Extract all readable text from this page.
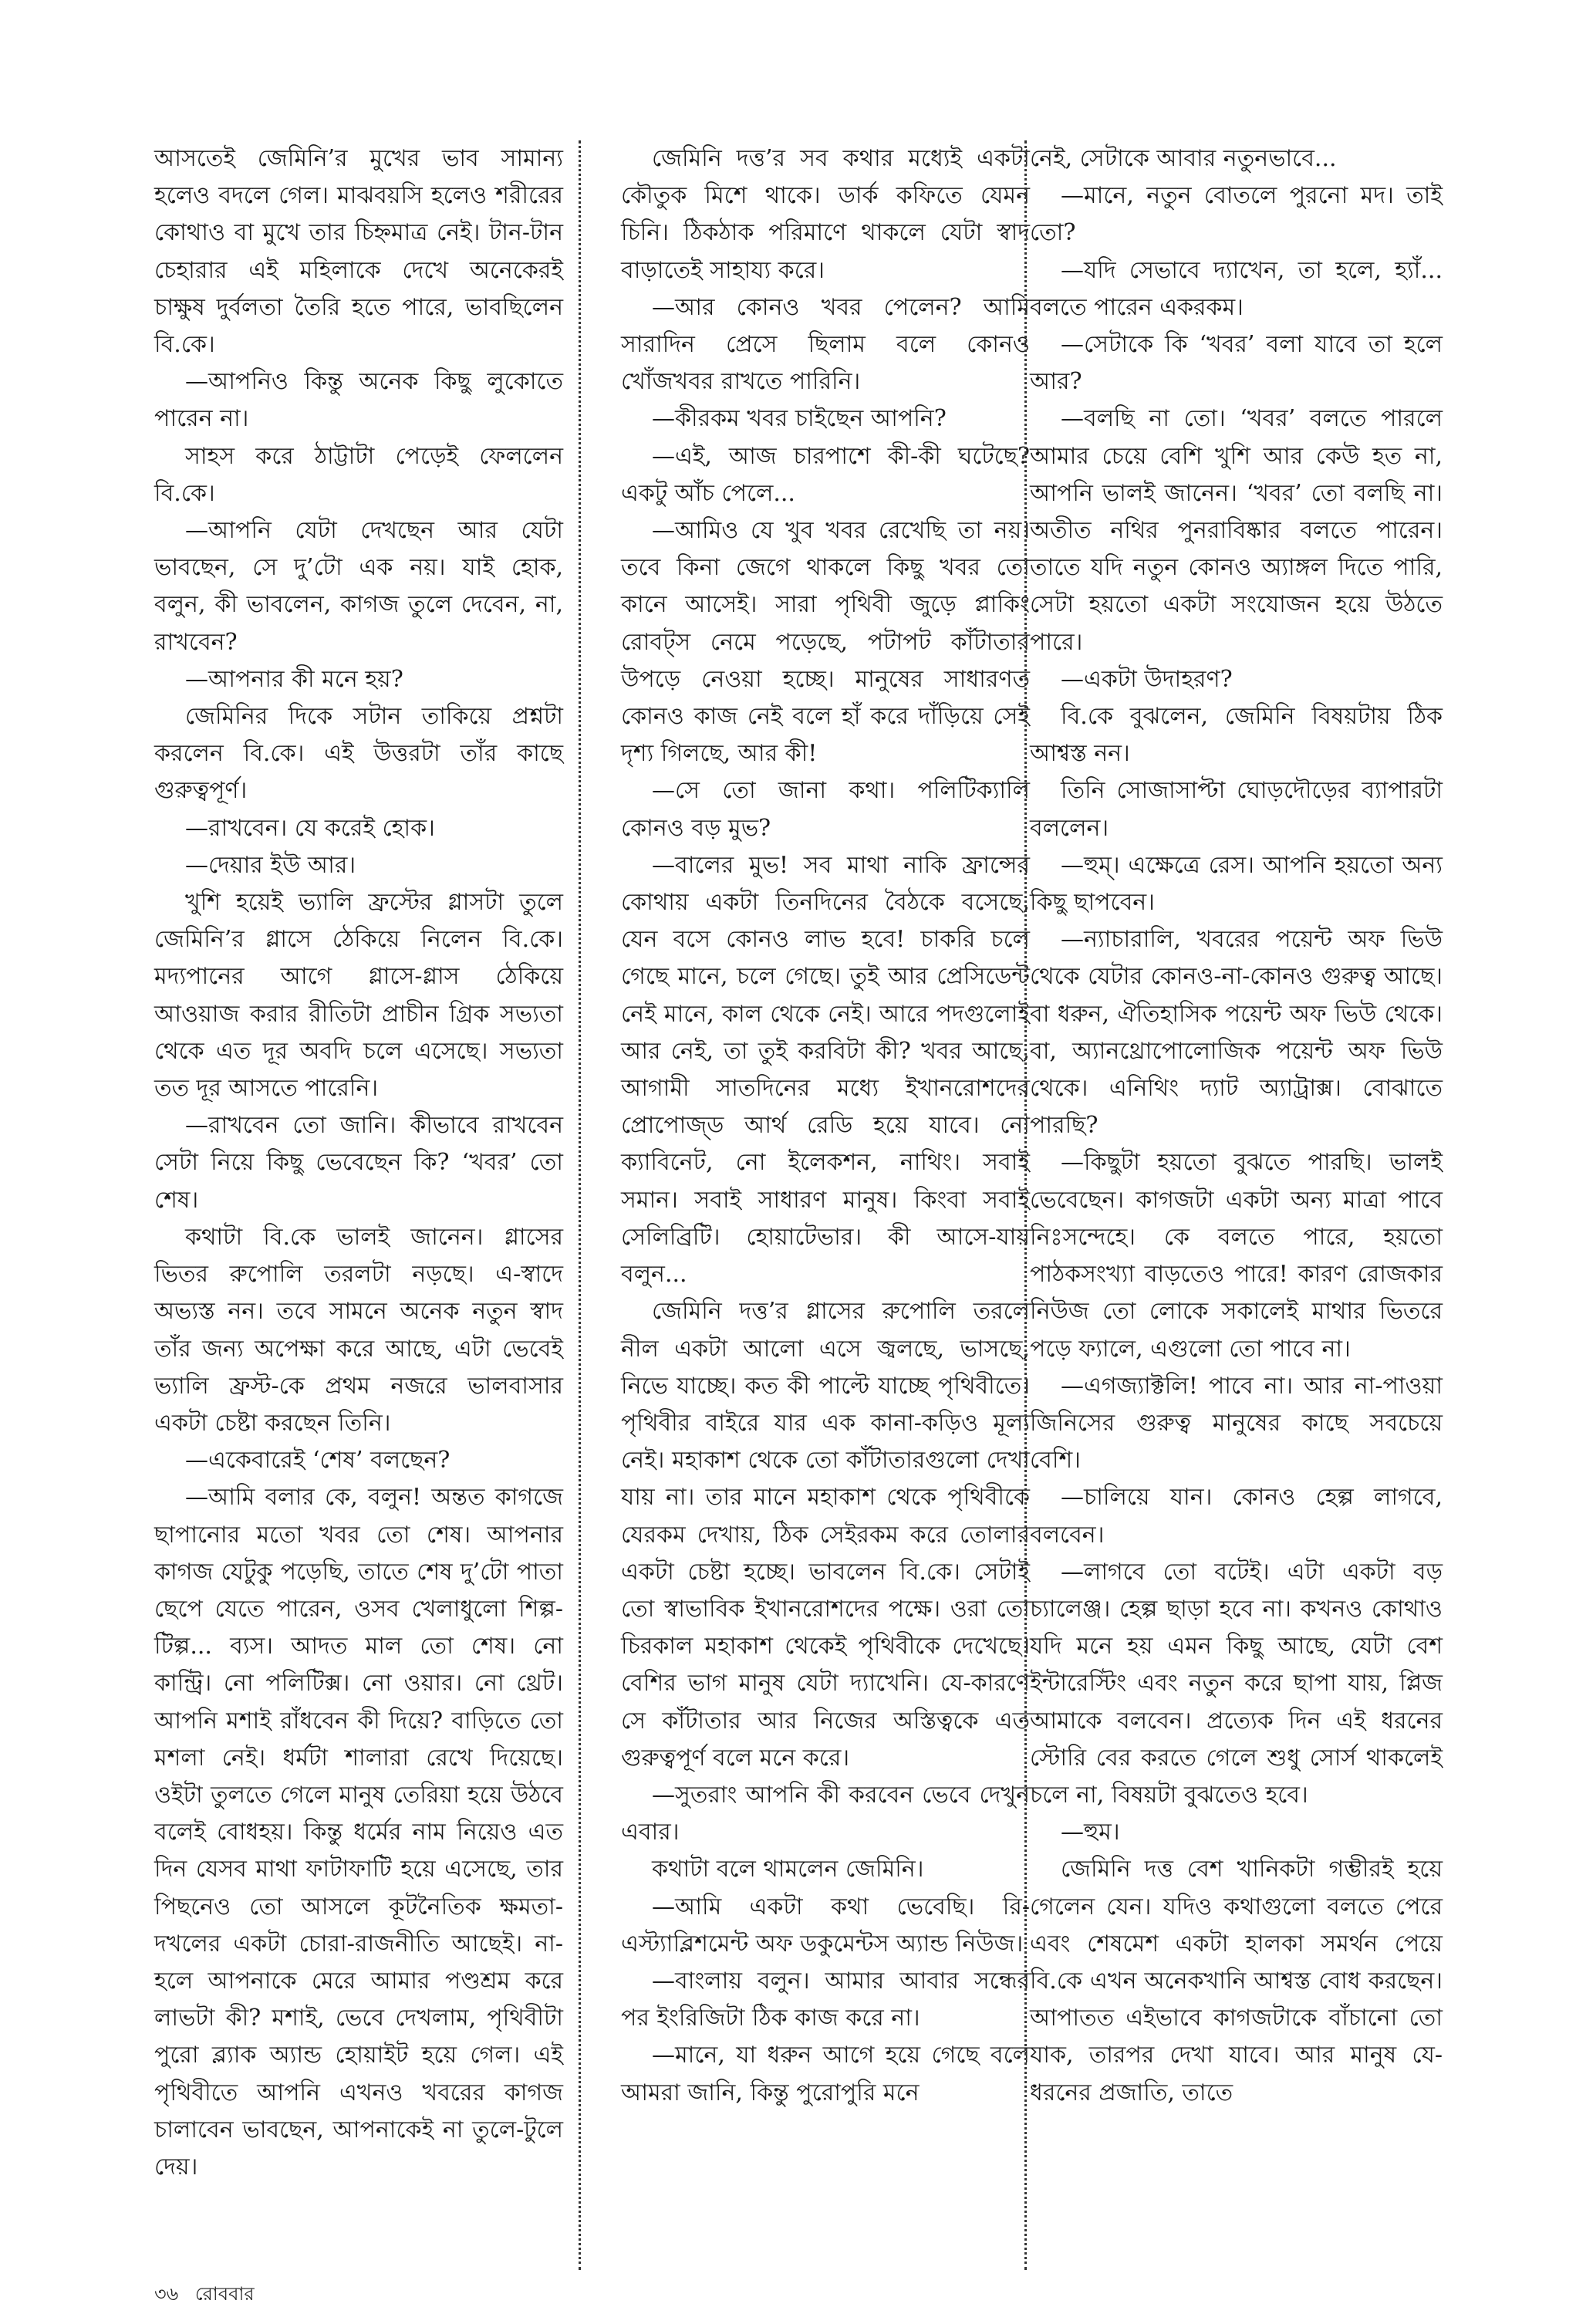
আসতেই জেমিনি’র মুখের ভাব সামান্য হলেও বদলে গেল। মাঝবয়সি হলেও শরীরের কোথাও বা মুখে তার চিহ্নমাত্র নেই। টান-টান চেহারার এই মহিলাকে দেখে অনেকেরই চাক্ষুষ দুর্বলতা তৈরি হতে পারে, ভাবছিলেন বি.কে।

—আপনিও কিন্তু অনেক কিছু লুকোতে পারেন না।

সাহস করে ঠাট্টাটা পেড়েই ফেললেন বি.কে।

—আপনি যেটা দেখছেন আর যেটা ভাবছেন, সে দু’টো এক নয়। যাই হোক, বলুন, কী ভাবলেন, কাগজ তুলে দেবেন, না, রাখবেন?

—আপনার কী মনে হয়?

জেমিনির দিকে সটান তাকিয়ে প্রশ্নটা করলেন বি.কে। এই উত্তরটা তাঁর কাছে গুরুত্বপূর্ণ।

—রাখবেন। যে করেই হোক।

—দেয়ার ইউ আর।

খুশি হয়েই ভ্যালি ফ্রস্টের গ্লাসটা তুলে জেমিনি’র গ্লাসে ঠেকিয়ে নিলেন বি.কে। মদ্যপানের আগে গ্লাসে-গ্লাস ঠেকিয়ে আওয়াজ করার রীতিটা প্রাচীন গ্রিক সভ্যতা থেকে এত দূর অবদি চলে এসেছে। সভ্যতা তত দূর আসতে পারেনি।

—রাখবেন তো জানি। কীভাবে রাখবেন সেটা নিয়ে কিছু ভেবেছেন কি? ‘খবর’ তো শেষ।

কথাটা বি.কে ভালই জানেন। গ্লাসের ভিতর রুপোলি তরলটা নড়ছে। এ-স্বাদে অভ্যস্ত নন। তবে সামনে অনেক নতুন স্বাদ তাঁর জন্য অপেক্ষা করে আছে, এটা ভেবেই ভ্যালি ফ্রস্ট-কে প্রথম নজরে ভালবাসার একটা চেষ্টা করছেন তিনি।

—একেবারেই ‘শেষ’ বলছেন?

—আমি বলার কে, বলুন! অন্তত কাগজে ছাপানোর মতো খবর তো শেষ। আপনার কাগজ যেটুকু পড়েছি, তাতে শেষ দু’টো পাতা ছেপে যেতে পারেন, ওসব খেলাধুলো শিল্প-টিল্প... ব্যস। আদত মাল তো শেষ। নো কান্ট্রি। নো পলিটিক্স। নো ওয়ার। নো থ্রেট। আপনি মশাই রাঁধবেন কী দিয়ে? বাড়িতে তো মশলা নেই। ধর্মটা শালারা রেখে দিয়েছে। ওইটা তুলতে গেলে মানুষ তেরিয়া হয়ে উঠবে বলেই বোধহয়। কিন্তু ধর্মের নাম নিয়েও এত দিন যেসব মাথা ফাটাফাটি হয়ে এসেছে, তার পিছনেও তো আসলে কূটনৈতিক ক্ষমতা-দখলের একটা চোরা-রাজনীতি আছেই। না-হলে আপনাকে মেরে আমার পণ্ডশ্রম করে লাভটা কী? মশাই, ভেবে দেখলাম, পৃথিবীটা পুরো ব্ল্যাক অ্যান্ড হোয়াইট হয়ে গেল। এই পৃথিবীতে আপনি এখনও খবরের কাগজ চালাবেন ভাবছেন, আপনাকেই না তুলে-টুলে দেয়।

জেমিনি দত্ত’র সব কথার মধ্যেই একটা কৌতুক মিশে থাকে। ডার্ক কফিতে যেমন চিনি। ঠিকঠাক পরিমাণে থাকলে যেটা স্বাদ বাড়াতেই সাহায্য করে।

—আর কোনও খবর পেলেন? আমি সারাদিন প্রেসে ছিলাম বলে কোনও খোঁজখবর রাখতে পারিনি।

—কীরকম খবর চাইছেন আপনি?

—এই, আজ চারপাশে কী-কী ঘটেছে? একটু আঁচ পেলে...

—আমিও যে খুব খবর রেখেছি তা নয়। তবে কিনা জেগে থাকলে কিছু খবর তো কানে আসেই। সারা পৃথিবী জুড়ে প্লাকিং রোবট্স নেমে পড়েছে, পটাপট কাঁটাতার উপড়ে নেওয়া হচ্ছে। মানুষের সাধারণত কোনও কাজ নেই বলে হাঁ করে দাঁড়িয়ে সেই দৃশ্য গিলছে, আর কী!

—সে তো জানা কথা। পলিটিক্যালি কোনও বড় মুভ?

—বালের মুভ! সব মাথা নাকি ফ্রান্সের কোথায় একটা তিনদিনের বৈঠকে বসেছে, যেন বসে কোনও লাভ হবে! চাকরি চলে গেছে মানে, চলে গেছে। তুই আর প্রেসিডেন্ট নেই মানে, কাল থেকে নেই। আরে পদগুলোই আর নেই, তা তুই করবিটা কী? খবর আছে, আগামী সাতদিনের মধ্যে ইখানরোশদের প্রোপোজ্ড আর্থ রেডি হয়ে যাবে। নো ক্যাবিনেট, নো ইলেকশন, নাথিং। সবাই সমান। সবাই সাধারণ মানুষ। কিংবা সবাই সেলিব্রিটি। হোয়াটেভার। কী আসে-যায় বলুন...

জেমিনি দত্ত’র গ্লাসের রুপোলি তরলে নীল একটা আলো এসে জ্বলছে, ভাসছে, নিভে যাচ্ছে। কত কী পাল্টে যাচ্ছে পৃথিবীতে। পৃথিবীর বাইরে যার এক কানা-কড়িও মূল্য নেই। মহাকাশ থেকে তো কাঁটাতারগুলো দেখা যায় না। তার মানে মহাকাশ থেকে পৃথিবীকে যেরকম দেখায়, ঠিক সেইরকম করে তোলার একটা চেষ্টা হচ্ছে। ভাবলেন বি.কে। সেটাই তো স্বাভাবিক ইখানরোশদের পক্ষে। ওরা তো চিরকাল মহাকাশ থেকেই পৃথিবীকে দেখেছে। বেশির ভাগ মানুষ যেটা দ্যাখেনি। যে-কারণে সে কাঁটাতার আর নিজের অস্তিত্বকে এত গুরুত্বপূর্ণ বলে মনে করে।

—সুতরাং আপনি কী করবেন ভেবে দেখুন এবার।

কথাটা বলে থামলেন জেমিনি।

—আমি একটা কথা ভেবেছি। রি-এস্ট্যাব্লিশমেন্ট অফ ডকুমেন্টস অ্যান্ড নিউজ।

—বাংলায় বলুন। আমার আবার সন্ধের পর ইংরিজিটা ঠিক কাজ করে না।

—মানে, যা ধরুন আগে হয়ে গেছে বলে আমরা জানি, কিন্তু পুরোপুরি মনে

নেই, সেটাকে আবার নতুনভাবে...

—মানে, নতুন বোতলে পুরনো মদ। তাই তো?

—যদি সেভাবে দ্যাখেন, তা হলে, হ্যাঁ... বলতে পারেন একরকম।

—সেটাকে কি ‘খবর’ বলা যাবে তা হলে আর?

—বলছি না তো। ‘খবর’ বলতে পারলে আমার চেয়ে বেশি খুশি আর কেউ হত না, আপনি ভালই জানেন। ‘খবর’ তো বলছি না। অতীত নথির পুনরাবিষ্কার বলতে পারেন। তাতে যদি নতুন কোনও অ্যাঙ্গল দিতে পারি, সেটা হয়তো একটা সংযোজন হয়ে উঠতে পারে।

—একটা উদাহরণ?

বি.কে বুঝলেন, জেমিনি বিষয়টায় ঠিক আশ্বস্ত নন।

তিনি সোজাসাপ্টা ঘোড়দৌড়ের ব্যাপারটা বললেন।

—হুম্। এক্ষেত্রে রেস। আপনি হয়তো অন্য কিছু ছাপবেন।

—ন্যাচারালি, খবরের পয়েন্ট অফ ভিউ থেকে যেটার কোনও-না-কোনও গুরুত্ব আছে। বা ধরুন, ঐতিহাসিক পয়েন্ট অফ ভিউ থেকে। বা, অ্যানথ্রোপোলোজিক পয়েন্ট অফ ভিউ থেকে। এনিথিং দ্যাট অ্যাট্রাক্স। বোঝাতে পারছি?

—কিছুটা হয়তো বুঝতে পারছি। ভালই ভেবেছেন। কাগজটা একটা অন্য মাত্রা পাবে নিঃসন্দেহে। কে বলতে পারে, হয়তো পাঠকসংখ্যা বাড়তেও পারে! কারণ রোজকার নিউজ তো লোকে সকালেই মাথার ভিতরে পড়ে ফ্যালে, এগুলো তো পাবে না।

—এগজ্যাক্টলি! পাবে না। আর না-পাওয়া জিনিসের গুরুত্ব মানুষের কাছে সবচেয়ে বেশি।

—চালিয়ে যান। কোনও হেল্প লাগবে, বলবেন।

—লাগবে তো বটেই। এটা একটা বড় চ্যালেঞ্জ। হেল্প ছাড়া হবে না। কখনও কোথাও যদি মনে হয় এমন কিছু আছে, যেটা বেশ ইন্টারেস্টিং এবং নতুন করে ছাপা যায়, প্লিজ আমাকে বলবেন। প্রত্যেক দিন এই ধরনের স্টোরি বের করতে গেলে শুধু সোর্স থাকলেই চলে না, বিষয়টা বুঝতেও হবে।

—হুম।

জেমিনি দত্ত বেশ খানিকটা গম্ভীরই হয়ে গেলেন যেন। যদিও কথাগুলো বলতে পেরে এবং শেষমেশ একটা হালকা সমর্থন পেয়ে বি.কে এখন অনেকখানি আশ্বস্ত বোধ করছেন। আপাতত এইভাবে কাগজটাকে বাঁচানো তো যাক, তারপর দেখা যাবে। আর মানুষ যে-ধরনের প্রজাতি, তাতে

৩৬ রোববার
